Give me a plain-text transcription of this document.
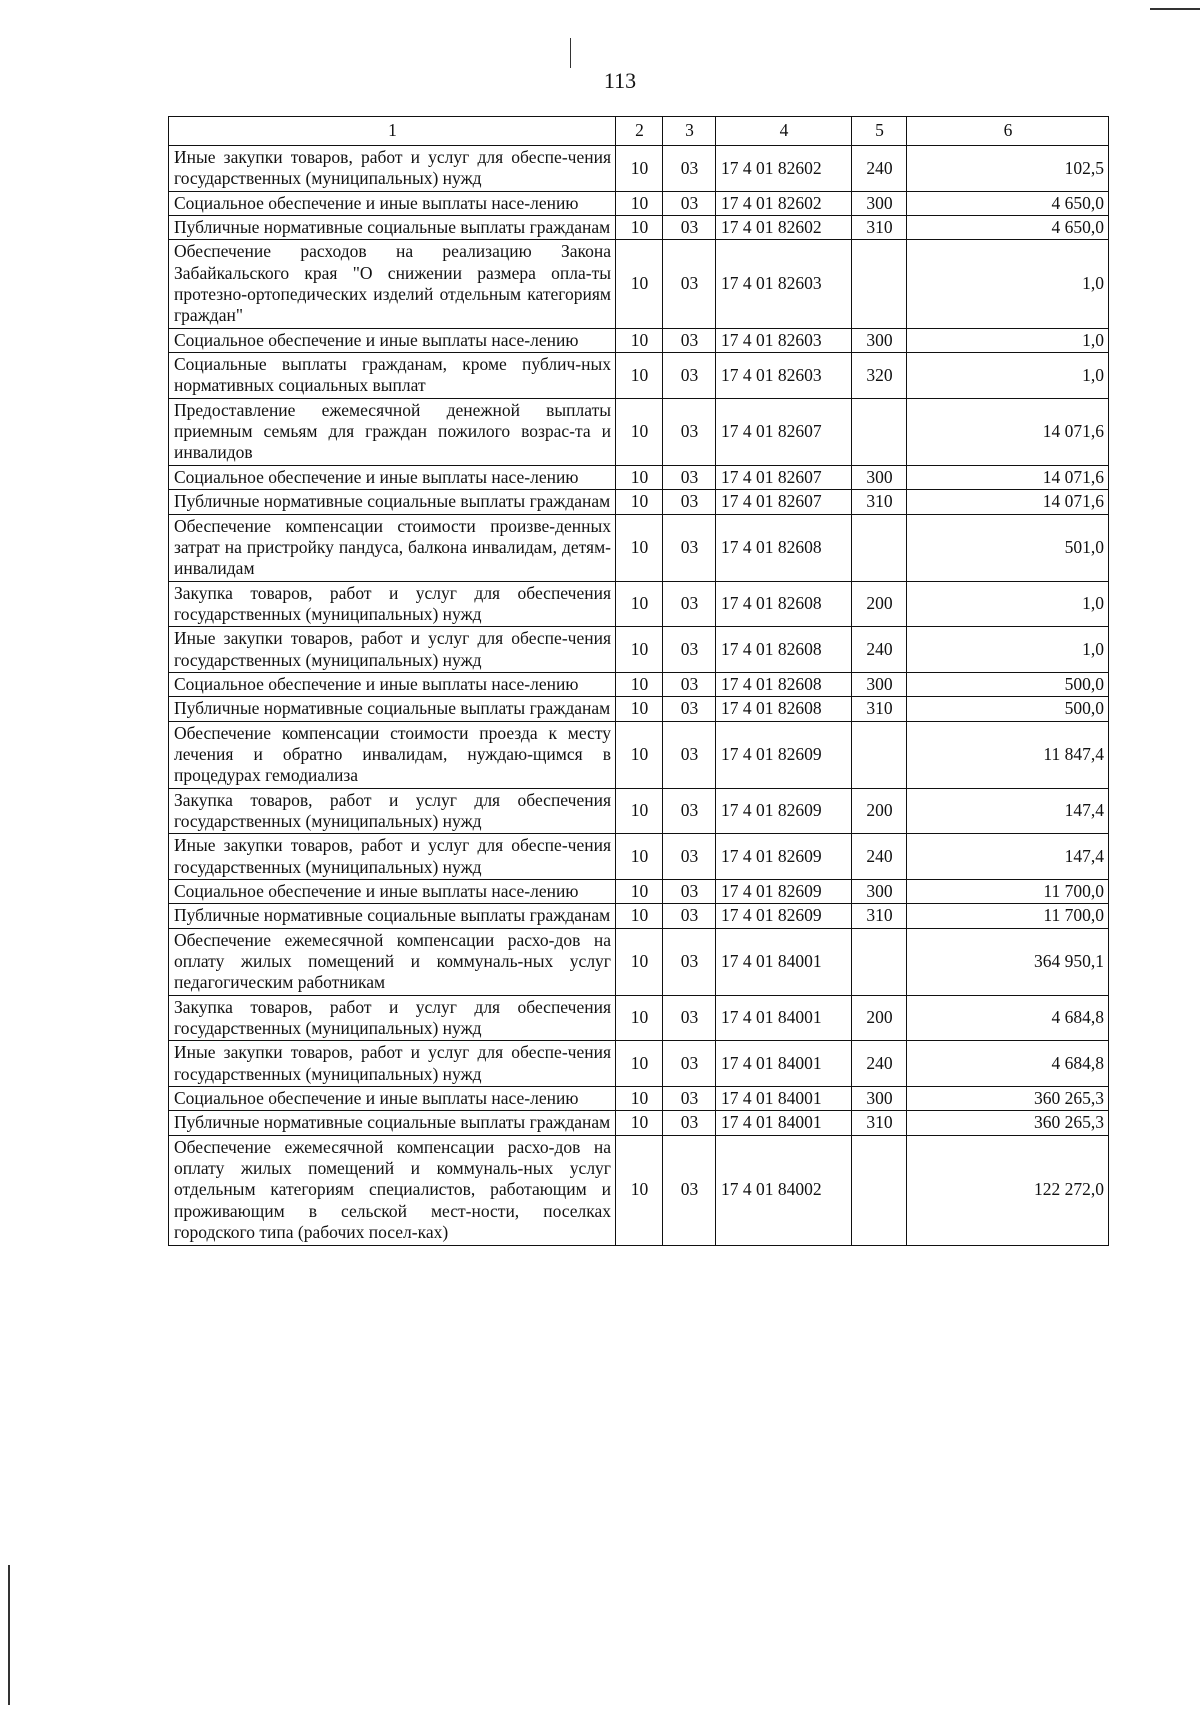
113
1	2	3	4	5	6
Иные закупки товаров, работ и услуг для обеспе-чения государственных (муниципальных) нужд	10	03	17 4 01 82602	240	102,5
Социальное обеспечение и иные выплаты насе-лению	10	03	17 4 01 82602	300	4 650,0
Публичные нормативные социальные выплаты гражданам	10	03	17 4 01 82602	310	4 650,0
Обеспечение расходов на реализацию Закона Забайкальского края "О снижении размера опла-ты протезно-ортопедических изделий отдельным категориям граждан"	10	03	17 4 01 82603		1,0
Социальное обеспечение и иные выплаты насе-лению	10	03	17 4 01 82603	300	1,0
Социальные выплаты гражданам, кроме публич-ных нормативных социальных выплат	10	03	17 4 01 82603	320	1,0
Предоставление ежемесячной денежной выплаты приемным семьям для граждан пожилого возрас-та и инвалидов	10	03	17 4 01 82607		14 071,6
Социальное обеспечение и иные выплаты насе-лению	10	03	17 4 01 82607	300	14 071,6
Публичные нормативные социальные выплаты гражданам	10	03	17 4 01 82607	310	14 071,6
Обеспечение компенсации стоимости произве-денных затрат на пристройку пандуса, балкона инвалидам, детям-инвалидам	10	03	17 4 01 82608		501,0
Закупка товаров, работ и услуг для обеспечения государственных (муниципальных) нужд	10	03	17 4 01 82608	200	1,0
Иные закупки товаров, работ и услуг для обеспе-чения государственных (муниципальных) нужд	10	03	17 4 01 82608	240	1,0
Социальное обеспечение и иные выплаты насе-лению	10	03	17 4 01 82608	300	500,0
Публичные нормативные социальные выплаты гражданам	10	03	17 4 01 82608	310	500,0
Обеспечение компенсации стоимости проезда к месту лечения и обратно инвалидам, нуждаю-щимся в процедурах гемодиализа	10	03	17 4 01 82609		11 847,4
Закупка товаров, работ и услуг для обеспечения государственных (муниципальных) нужд	10	03	17 4 01 82609	200	147,4
Иные закупки товаров, работ и услуг для обеспе-чения государственных (муниципальных) нужд	10	03	17 4 01 82609	240	147,4
Социальное обеспечение и иные выплаты насе-лению	10	03	17 4 01 82609	300	11 700,0
Публичные нормативные социальные выплаты гражданам	10	03	17 4 01 82609	310	11 700,0
Обеспечение ежемесячной компенсации расхо-дов на оплату жилых помещений и коммуналь-ных услуг педагогическим работникам	10	03	17 4 01 84001		364 950,1
Закупка товаров, работ и услуг для обеспечения государственных (муниципальных) нужд	10	03	17 4 01 84001	200	4 684,8
Иные закупки товаров, работ и услуг для обеспе-чения государственных (муниципальных) нужд	10	03	17 4 01 84001	240	4 684,8
Социальное обеспечение и иные выплаты насе-лению	10	03	17 4 01 84001	300	360 265,3
Публичные нормативные социальные выплаты гражданам	10	03	17 4 01 84001	310	360 265,3
Обеспечение ежемесячной компенсации расхо-дов на оплату жилых помещений и коммуналь-ных услуг отдельным категориям специалистов, работающим и проживающим в сельской мест-ности, поселках городского типа (рабочих посел-ках)	10	03	17 4 01 84002		122 272,0
